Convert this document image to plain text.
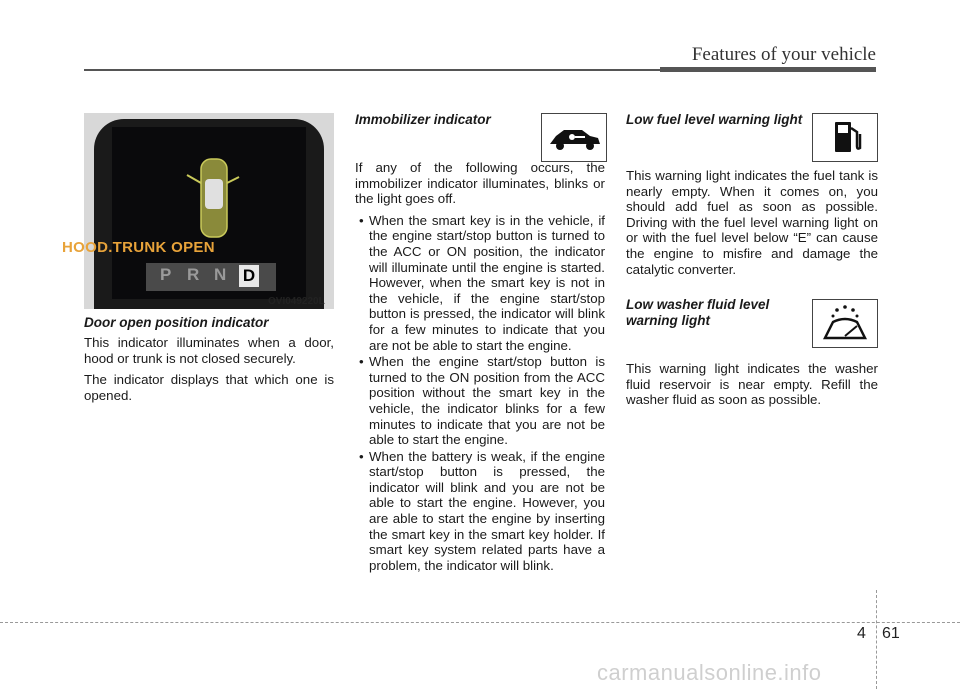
Features of your vehicle
HOOD.TRUNK OPEN
P R N D
OVI049220L
Door open position indicator

This indicator illuminates when a door, hood or trunk is not closed securely.

The indicator displays that which one is opened.

Immobilizer indicator

If any of the following occurs, the immobilizer indicator illuminates, blinks or the light goes off.

• When the smart key is in the vehicle, if the engine start/stop button is turned to the ACC or ON position, the indicator will illuminate until the engine is started. However, when the smart key is not in the vehicle, if the engine start/stop button is pressed, the indicator will blink for a few minutes to indicate that you are not be able to start the engine.
• When the engine start/stop button is turned to the ON position from the ACC position without the smart key in the vehicle, the indicator blinks for a few minutes to indicate that you are not be able to start the engine.
• When the battery is weak, if the engine start/stop button is pressed, the indicator will blink and you are not be able to start the engine. However, you are able to start the engine by inserting the smart key in the smart key holder. If smart key system related parts have a problem, the indicator will blink.
Low fuel level warning light

This warning light indicates the fuel tank is nearly empty. When it comes on, you should add fuel as soon as possible. Driving with the fuel level warning light on or with the fuel level below “E” can cause the engine to misfire and damage the catalytic converter.

Low washer fluid level
warning light

This warning light indicates the washer fluid reservoir is near empty. Refill the washer fluid as soon as possible.

4 61
carmanualsonline.info
